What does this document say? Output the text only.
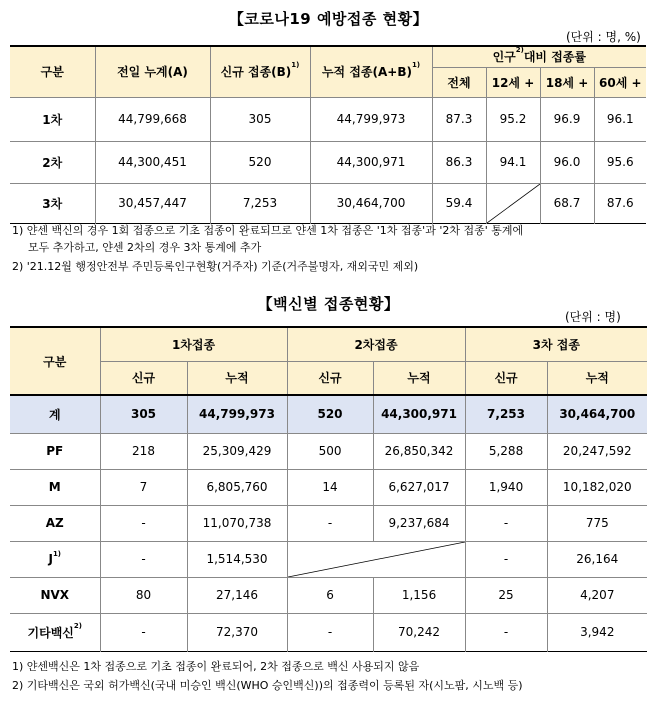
【코로나19 예방접종 현황】
(단위 : 명, %)
구분	전일 누계(A)	신규 접종$(B)^{1)}$	누적 접종$(A+B)^{1)}$	인구$^{2)}$대비 접종률			
				전체	12세 +	18세 +	60세 +
1차	44,799,668	305	44,799,973	87.3	95.2	96.9	96.1
2차	44,300,451	520	44,300,971	86.3	94.1	96.0	95.6
3차	30,457,447	7,253	30,464,700	59.4		68.7	87.6
1) 얀센 백신의 경우 1회 접종으로 기초 접종이 완료되므로 얀센 1차 접종은 '1차 접종'과 '2차 접종' 통계에
모두 추가하고, 얀센 2차의 경우 3차 통계에 추가
2) '21.12월 행정안전부 주민등록인구현황(거주자) 기준(거주불명자, 재외국민 제외)
【백신별 접종현황】
(단위 : 명)
구분	1차접종		2차접종		3차 접종	
	신규	누적	신규	누적	신규	누적
계	305	44,799,973	520	44,300,971	7,253	30,464,700
PF	218	25,309,429	500	26,850,342	5,288	20,247,592
M	7	6,805,760	14	6,627,017	1,940	10,182,020
AZ	-	11,070,738	-	9,237,684	-	775
$J^{1)}$	-	1,514,530			-	26,164
NVX	80	27,146	6	1,156	25	4,207
기타백신$^{2)}$	-	72,370	-	70,242	-	3,942
1) 얀센백신은 1차 접종으로 기초 접종이 완료되어, 2차 접종으로 백신 사용되지 않음
2) 기타백신은 국외 허가백신(국내 미승인 백신(WHO 승인백신))의 접종력이 등록된 자(시노팜, 시노백 등)
